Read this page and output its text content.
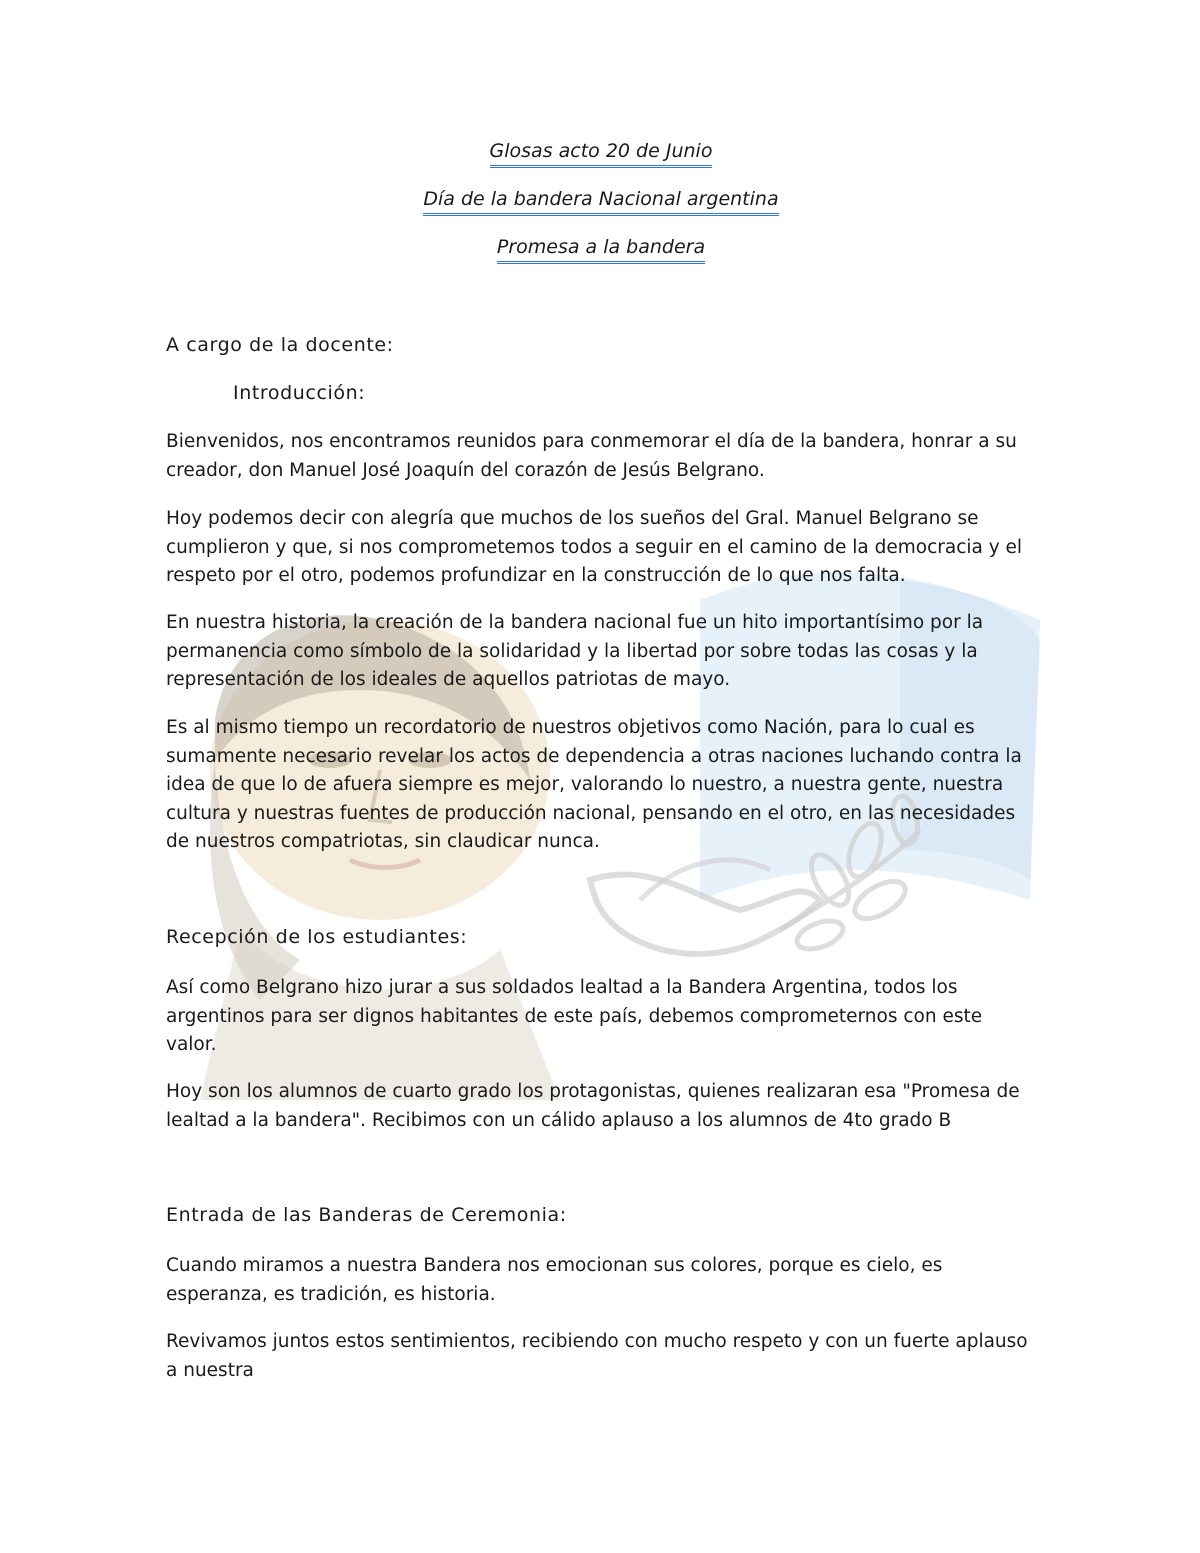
Glosas acto 20 de Junio
Día de la bandera Nacional argentina
Promesa a la bandera
A cargo de la docente:
Introducción:

Bienvenidos, nos encontramos reunidos para conmemorar el día de la bandera, honrar a su creador, don Manuel José Joaquín del corazón de Jesús Belgrano.

Hoy podemos decir con alegría que muchos de los sueños del Gral. Manuel Belgrano se cumplieron y que, si nos comprometemos todos a seguir en el camino de la democracia y el respeto por el otro, podemos profundizar en la construcción de lo que nos falta.

En nuestra historia, la creación de la bandera nacional fue un hito importantísimo por la permanencia como símbolo de la solidaridad y la libertad por sobre todas las cosas y la representación de los ideales de aquellos patriotas de mayo.

Es al mismo tiempo un recordatorio de nuestros objetivos como Nación, para lo cual es sumamente necesario revelar los actos de dependencia a otras naciones luchando contra la idea de que lo de afuera siempre es mejor, valorando lo nuestro, a nuestra gente, nuestra cultura y nuestras fuentes de producción nacional, pensando en el otro, en las necesidades de nuestros compatriotas, sin claudicar nunca.

Recepción de los estudiantes:

Así como Belgrano hizo jurar a sus soldados lealtad a la Bandera Argentina, todos los argentinos para ser dignos habitantes de este país, debemos comprometernos con este valor.

Hoy son los alumnos de cuarto grado los protagonistas, quienes realizaran esa "Promesa de lealtad a la bandera". Recibimos con un cálido aplauso a los alumnos de 4to grado B

Entrada de las Banderas de Ceremonia:

Cuando miramos a nuestra Bandera nos emocionan sus colores, porque es cielo, es esperanza, es tradición, es historia.

Revivamos juntos estos sentimientos, recibiendo con mucho respeto y con un fuerte aplauso a nuestra
